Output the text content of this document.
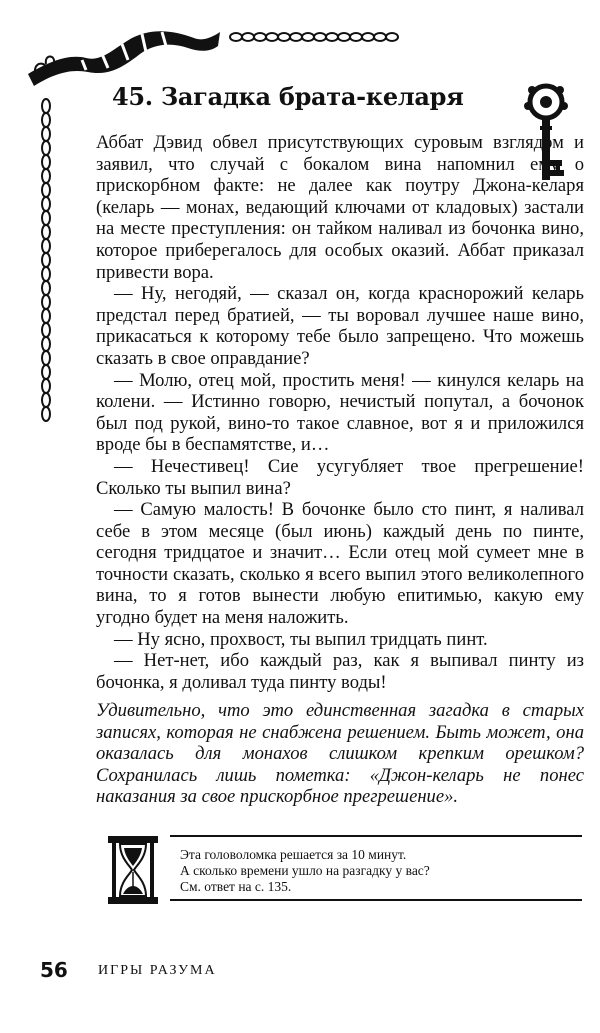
45. Загадка брата-келаря

Аббат Дэвид обвел присутствующих суровым взглядом и заявил, что случай с бокалом вина напомнил ему о прискорбном факте: не далее как поутру Джона-келаря (келарь — монах, ведающий ключами от кладовых) застали на месте преступления: он тайком наливал из бочонка вино, которое приберегалось для особых оказий. Аббат приказал привести вора.

— Ну, негодяй, — сказал он, когда краснорожий келарь предстал перед братией, — ты воровал лучшее наше вино, прикасаться к которому тебе было запрещено. Что можешь сказать в свое оправдание?

— Молю, отец мой, простить меня! — кинулся келарь на колени. — Истинно говорю, нечистый попутал, а бочонок был под рукой, вино-то такое славное, вот я и приложился вроде бы в беспамятстве, и…

— Нечестивец! Сие усугубляет твое прегрешение! Сколько ты выпил вина?

— Самую малость! В бочонке было сто пинт, я наливал себе в этом месяце (был июнь) каждый день по пинте, сегодня тридцатое и значит… Если отец мой сумеет мне в точности сказать, сколько я всего выпил этого великолепного вина, то я готов вынести любую епитимью, какую ему угодно будет на меня наложить.

— Ну ясно, прохвост, ты выпил тридцать пинт.

— Нет-нет, ибо каждый раз, как я выпивал пинту из бочонка, я доливал туда пинту воды!

Удивительно, что это единственная загадка в старых записях, которая не снабжена решением. Быть может, она оказалась для монахов слишком крепким орешком? Сохранилась лишь пометка: «Джон-келарь не понес наказания за свое прискорбное прегрешение».

Эта головоломка решается за 10 минут.
А сколько времени ушло на разгадку у вас?
См. ответ на с. 135.
56 ИГРЫ РАЗУМА
